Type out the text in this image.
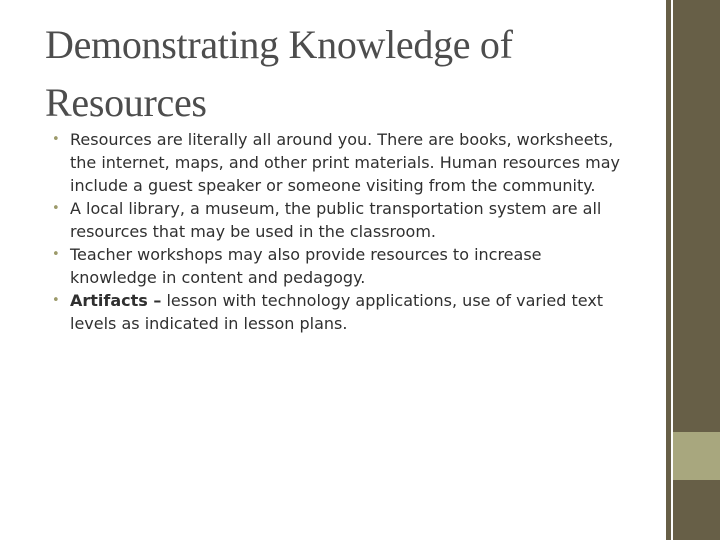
Demonstrating Knowledge of Resources
• Resources are literally all around you. There are books, worksheets, the internet, maps, and other print materials. Human resources may include a guest speaker or someone visiting from the community.
• A local library, a museum, the public transportation system are all resources that may be used in the classroom.
• Teacher workshops may also provide resources to increase knowledge in content and pedagogy.
• Artifacts – lesson with technology applications, use of varied text levels as indicated in lesson plans.
